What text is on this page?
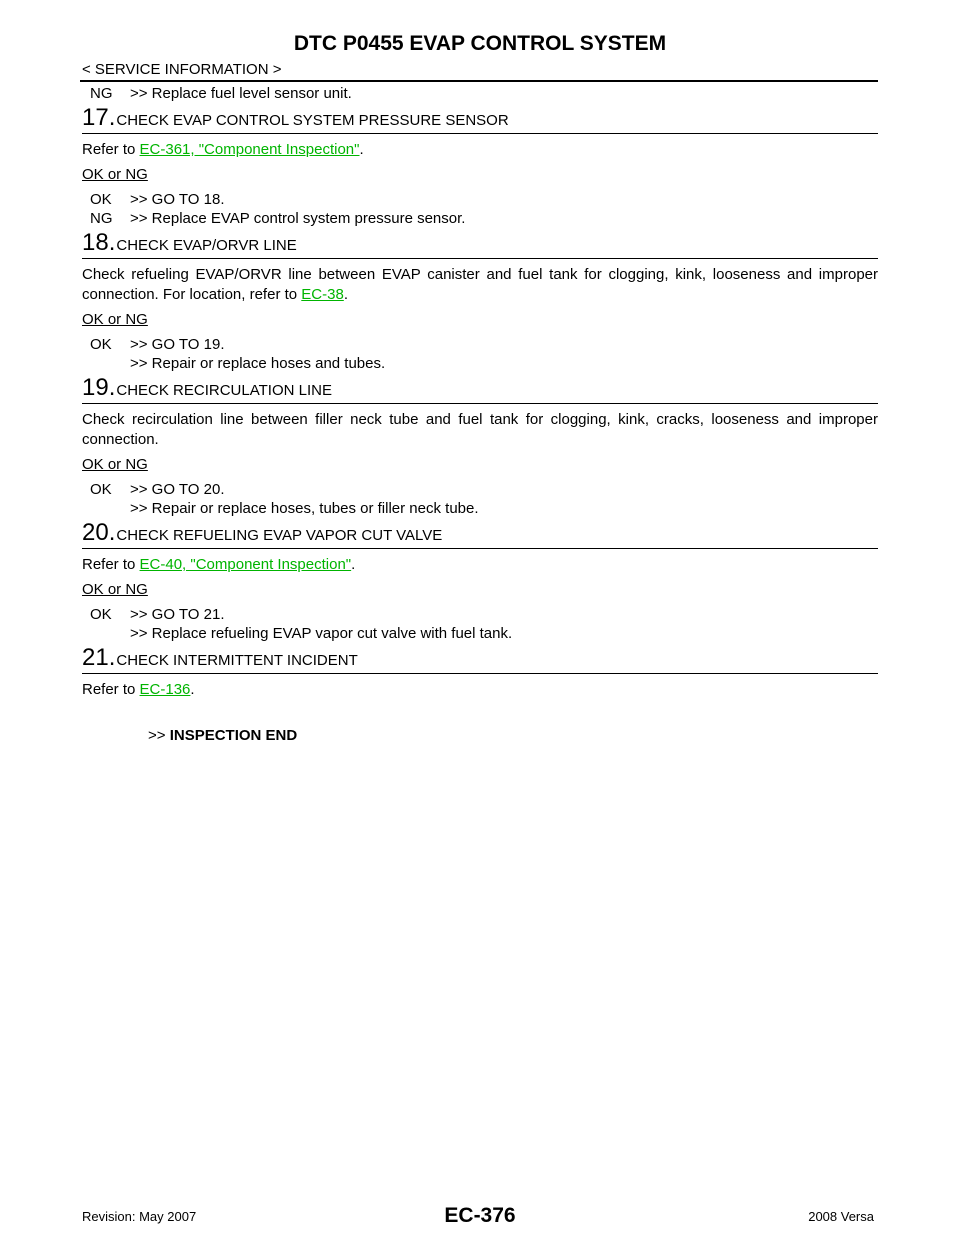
DTC P0455 EVAP CONTROL SYSTEM
< SERVICE INFORMATION >
NG	>> Replace fuel level sensor unit.
17 . CHECK EVAP CONTROL SYSTEM PRESSURE SENSOR
Refer to EC-361, "Component Inspection".
OK or NG
OK	>> GO TO 18.
NG	>> Replace EVAP control system pressure sensor.
18 . CHECK EVAP/ORVR LINE
Check refueling EVAP/ORVR line between EVAP canister and fuel tank for clogging, kink, looseness and improper connection. For location, refer to EC-38.
OK or NG
OK	>> GO TO 19.
>> Repair or replace hoses and tubes.
19 . CHECK RECIRCULATION LINE
Check recirculation line between filler neck tube and fuel tank for clogging, kink, cracks, looseness and improper connection.
OK or NG
OK	>> GO TO 20.
>> Repair or replace hoses, tubes or filler neck tube.
20 . CHECK REFUELING EVAP VAPOR CUT VALVE
Refer to EC-40, "Component Inspection".
OK or NG
OK	>> GO TO 21.
>> Replace refueling EVAP vapor cut valve with fuel tank.
21 . CHECK INTERMITTENT INCIDENT
Refer to EC-136.
>> INSPECTION END
EC-376
Revision: May 2007	2008 Versa
